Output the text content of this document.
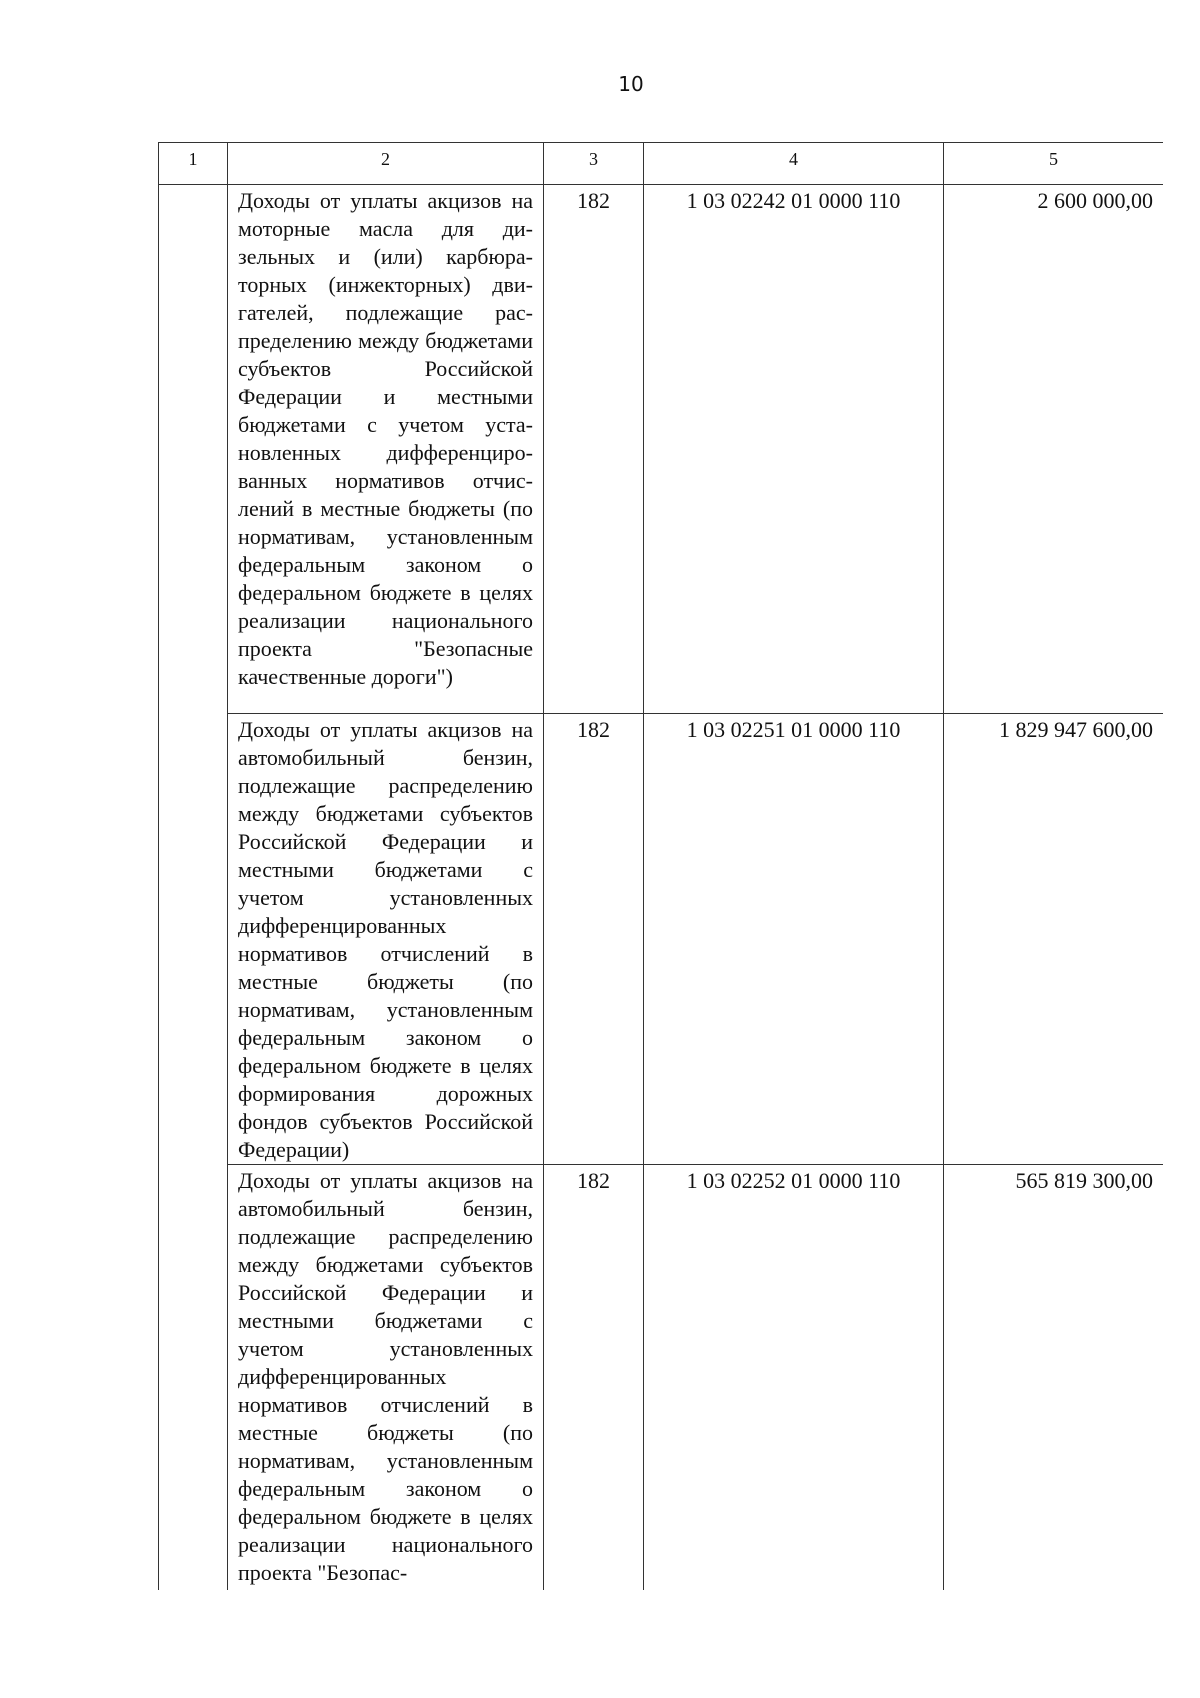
10
1	2	3	4	5
	Доходы от уплаты акцизов на моторные масла для дизельных и (или) карбюраторных (инжекторных) двигателей, подлежащие распределению между бюджетами субъектов Российской Федерации и местными бюджетами с учетом установленных дифференцированных нормативов отчислений в местные бюджеты (по нормативам, установленным федеральным законом о федеральном бюджете в целях реализации национального проекта "Безопасные качественные дороги")	182	1 03 02242 01 0000 110	2 600 000,00
	Доходы от уплаты акцизов на автомобильный бензин, подлежащие распределению между бюджетами субъектов Российской Федерации и местными бюджетами с учетом установленных дифференцированных нормативов отчислений в местные бюджеты (по нормативам, установленным федеральным законом о федеральном бюджете в целях формирования дорожных фондов субъектов Российской Федерации)	182	1 03 02251 01 0000 110	1 829 947 600,00
	Доходы от уплаты акцизов на автомобильный бензин, подлежащие распределению между бюджетами субъектов Российской Федерации и местными бюджетами с учетом установленных дифференцированных нормативов отчислений в местные бюджеты (по нормативам, установленным федеральным законом о федеральном бюджете в целях реализации национального проекта "Безопас-	182	1 03 02252 01 0000 110	565 819 300,00
